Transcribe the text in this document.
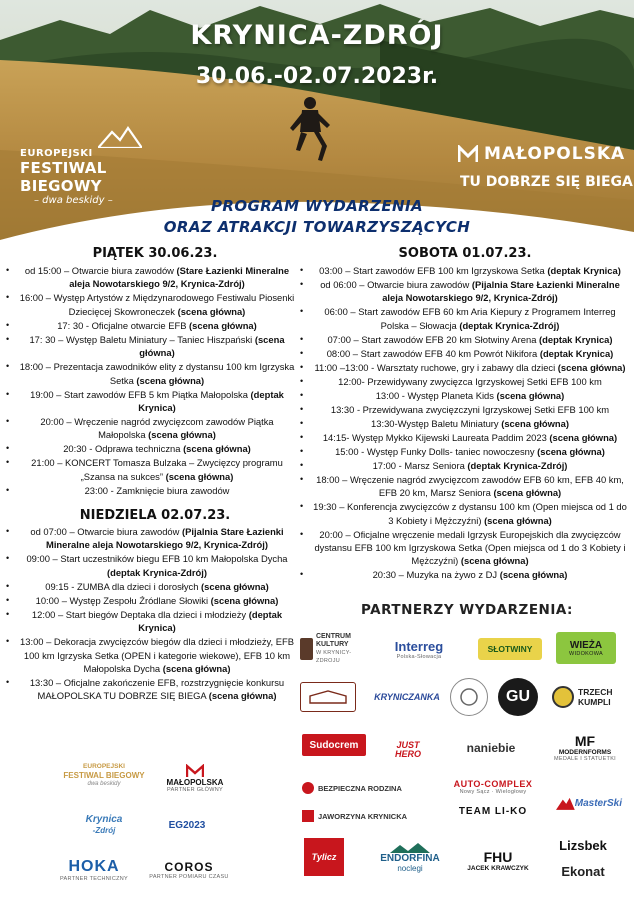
KRYNICA-ZDRÓJ
30.06.-02.07.2023r.
EUROPEJSKI
FESTIWAL BIEGOWY
– dwa beskidy –
MAŁOPOLSKA
TU DOBRZE SIĘ BIEGA
PROGRAM WYDARZENIA
ORAZ ATRAKCJI TOWARZYSZĄCYCH
PIĄTEK 30.06.23.
• od 15:00 – Otwarcie biura zawodów (Stare Łazienki Mineralne aleja Nowotarskiego 9/2, Krynica-Zdrój)
• 16:00 – Występ Artystów z Międzynarodowego Festiwalu Piosenki Dziecięcej Skowroneczek (scena główna)
• 17: 30 - Oficjalne otwarcie EFB (scena główna)
• 17: 30 – Występ Baletu Miniatury – Taniec Hiszpański (scena główna)
• 18:00 – Prezentacja zawodników elity z dystansu 100 km Igrzyska Setka (scena główna)
• 19:00 – Start zawodów EFB 5 km Piątka Małopolska (deptak Krynica)
• 20:00 – Wręczenie nagród zwycięzcom zawodów Piątka Małopolska (scena główna)
• 20:30 - Odprawa techniczna (scena główna)
• 21:00 – KONCERT Tomasza Bulzaka – Zwycięzcy programu „Szansa na sukces” (scena główna)
• 23:00 - Zamknięcie biura zawodów
NIEDZIELA 02.07.23.
• od 07:00 – Otwarcie biura zawodów (Pijalnia Stare Łazienki Mineralne aleja Nowotarskiego 9/2, Krynica-Zdrój)
• 09:00 – Start uczestników biegu EFB 10 km Małopolska Dycha (deptak Krynica-Zdrój)
• 09:15 - ZUMBA dla dzieci i dorosłych (scena główna)
• 10:00 – Występ Zespołu Źródlane Słowiki (scena główna)
• 12:00 – Start biegów Deptaka dla dzieci i młodzieży (deptak Krynica)
• 13:00 – Dekoracja zwycięzców biegów dla dzieci i młodzieży, EFB 100 km Igrzyska Setka (OPEN i kategorie wiekowe), EFB 10 km Małopolska Dycha (scena główna)
• 13:30 – Oficjalne zakończenie EFB, rozstrzygnięcie konkursu MAŁOPOLSKA TU DOBRZE SIĘ BIEGA (scena główna)
SOBOTA 01.07.23.
• 03:00 – Start zawodów EFB 100 km Igrzyskowa Setka (deptak Krynica)
• od 06:00 – Otwarcie biura zawodów (Pijalnia Stare Łazienki Mineralne aleja Nowotarskiego 9/2, Krynica-Zdrój)
• 06:00 – Start zawodów EFB 60 km Aria Kiepury z Programem Interreg Polska – Słowacja (deptak Krynica-Zdrój)
• 07:00 – Start zawodów EFB 20 km Słotwiny Arena (deptak Krynica)
• 08:00 – Start zawodów EFB 40 km Powrót Nikifora (deptak Krynica)
• 11:00 –13:00 - Warsztaty ruchowe, gry i zabawy dla dzieci (scena główna)
• 12:00- Przewidywany zwycięzca Igrzyskowej Setki EFB 100 km
• 13:00 - Występ Planeta Kids (scena główna)
• 13:30 - Przewidywana zwycięzczyni Igrzyskowej Setki EFB 100 km
• 13:30-Występ Baletu Miniatury (scena główna)
• 14:15- Występ Mykko Kijewski Laureata Paddim 2023 (scena główna)
• 15:00 - Występ Funky Dolls- taniec nowoczesny (scena główna)
• 17:00 - Marsz Seniora (deptak Krynica-Zdrój)
• 18:00 – Wręczenie nagród zwycięzcom zawodów EFB 60 km, EFB 40 km, EFB 20 km, Marsz Seniora (scena główna)
• 19:30 – Konferencja zwycięzców z dystansu 100 km (Open miejsca od 1 do 3 Kobiety i Mężczyźni) (scena główna)
• 20:00 – Oficjalne wręczenie medali Igrzysk Europejskich dla zwycięzców dystansu EFB 100 km Igrzyskowa Setka (Open miejsca od 1 do 3 Kobiety i Mężczyźni) (scena główna)
• 20:30 – Muzyka na żywo z DJ (scena główna)
PARTNERZY WYDARZENIA:
CENTRUM KULTURY
W KRYNICY-ZDROJU
Interreg
Polska-Słowacja
SŁOTWINY	WIEŻA
WIDOKOWA
KRYNICZANKA	GU	TRZECH KUMPLI
Sudocrem	JUST HERO	naniebie	MF
MODERNFORMS
MEDALE I STATUETKI
BEZPIECZNA RODZINA	AUTO-COMPLEX
Nowy Sącz · Wielogłowy
TEAM LI-KO
MasterSki
JAWORZYNA KRYNICKA
Tylicz	ENDORFINA
noclegi
FHU
JACEK KRAWCZYK
Lizsbek
Ekonat
EUROPEJSKI
FESTIWAL BIEGOWY
dwa beskidy	MAŁOPOLSKA
PARTNER GŁÓWNY
Krynica
-Zdrój	EG2023
HOKA
PARTNER TECHNICZNY
COROS
PARTNER POMIARU CZASU
